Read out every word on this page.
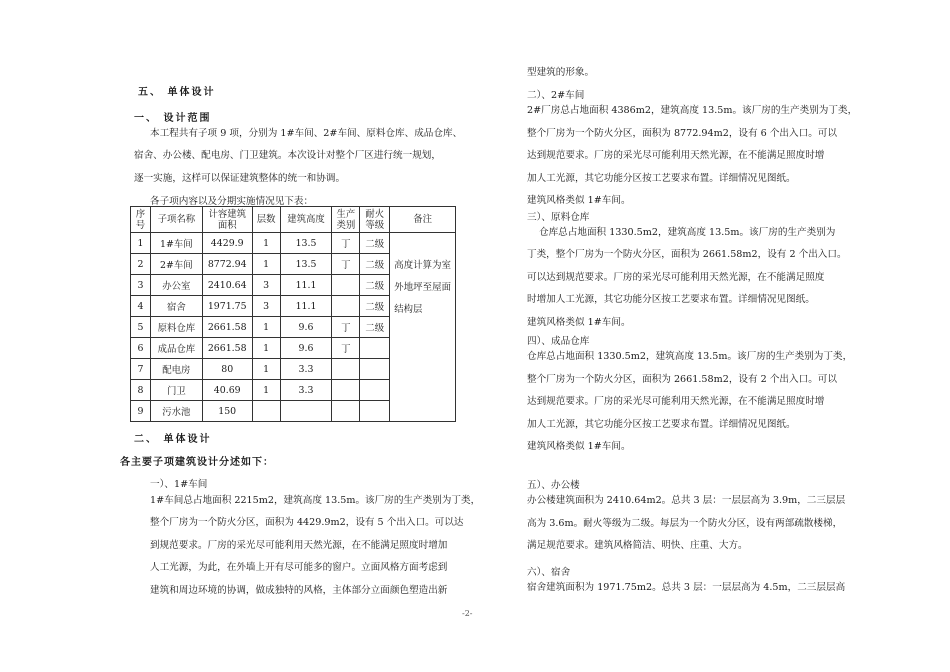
五、 单体设计
一、 设计范围
本工程共有子项 9 项，分别为 1#车间、2#车间、原料仓库、成品仓库、
宿舍、办公楼、配电房、门卫建筑。本次设计对整个厂区进行统一规划，
逐一实施，这样可以保证建筑整体的统一和协调。
各子项内容以及分期实施情况见下表：
序号	子项名称	计容建筑面积	层数	建筑高度	生产类别	耐火等级	备注
1	1#车间	4429.9	1	13.5	丁	二级	高度计算为室外地坪至屋面结构层
2	2#车间	8772.94	1	13.5	丁	二级	
3	办公室	2410.64	3	11.1		二级	
4	宿舍	1971.75	3	11.1		二级	
5	原料仓库	2661.58	1	9.6	丁	二级	
6	成品仓库	2661.58	1	9.6	丁		
7	配电房	80	1	3.3			
8	门卫	40.69	1	3.3			
9	污水池	150					
二、 单体设计
各主要子项建筑设计分述如下：
一）、1#车间
1#车间总占地面积 2215m2，建筑高度 13.5m。该厂房的生产类别为丁类，
整个厂房为一个防火分区，面积为 4429.9m2，设有 5 个出入口。可以达
到规范要求。厂房的采光尽可能利用天然光源，在不能满足照度时增加
人工光源，为此，在外墙上开有尽可能多的窗户。立面风格方面考虑到
建筑和周边环境的协调，做成独特的风格，主体部分立面颜色塑造出新
型建筑的形象。
二）、2#车间
2#厂房总占地面积 4386m2，建筑高度 13.5m。该厂房的生产类别为丁类，
整个厂房为一个防火分区，面积为 8772.94m2，设有 6 个出入口。可以
达到规范要求。厂房的采光尽可能利用天然光源，在不能满足照度时增
加人工光源，其它功能分区按工艺要求布置。详细情况见图纸。
建筑风格类似 1#车间。
三）、原料仓库
仓库总占地面积 1330.5m2，建筑高度 13.5m。该厂房的生产类别为
丁类，整个厂房为一个防火分区，面积为 2661.58m2，设有 2 个出入口。
可以达到规范要求。厂房的采光尽可能利用天然光源，在不能满足照度
时增加人工光源，其它功能分区按工艺要求布置。详细情况见图纸。
建筑风格类似 1#车间。
四）、成品仓库
仓库总占地面积 1330.5m2，建筑高度 13.5m。该厂房的生产类别为丁类，
整个厂房为一个防火分区，面积为 2661.58m2，设有 2 个出入口。可以
达到规范要求。厂房的采光尽可能利用天然光源，在不能满足照度时增
加人工光源，其它功能分区按工艺要求布置。详细情况见图纸。
建筑风格类似 1#车间。
五）、办公楼
办公楼建筑面积为 2410.64m2。总共 3 层：一层层高为 3.9m，二三层层
高为 3.6m。耐火等级为二级。每层为一个防火分区，设有两部疏散楼梯，
满足规范要求。建筑风格简洁、明快、庄重、大方。
六）、宿舍
宿舍建筑面积为 1971.75m2。总共 3 层：一层层高为 4.5m，二三层层高
-2-
